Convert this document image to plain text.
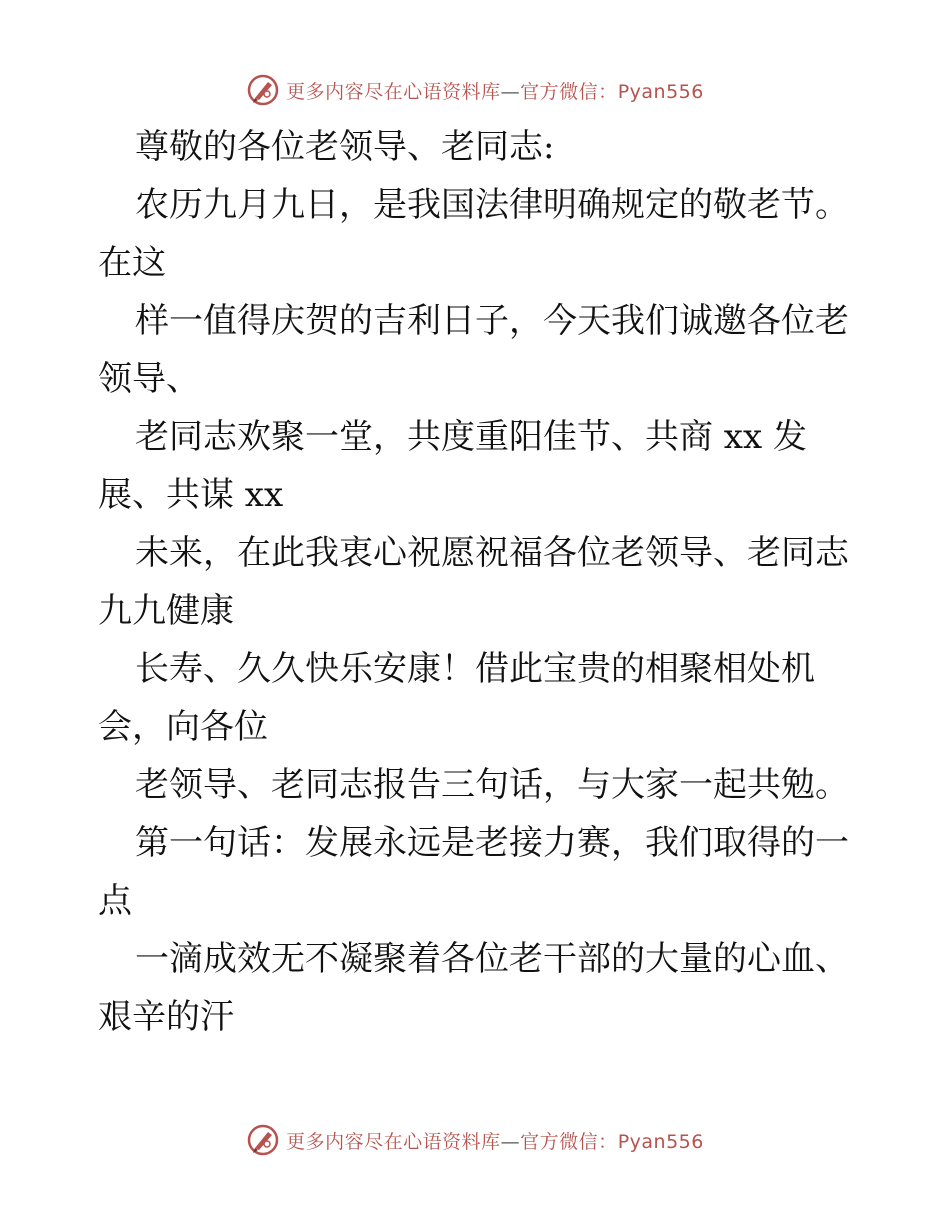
更多内容尽在心语资料库—官方微信：Pyan556
尊敬的各位老领导、老同志:
农历九月九日，是我国法律明确规定的敬老节。
在这
样一值得庆贺的吉利日子，今天我们诚邀各位老
领导、
老同志欢聚一堂，共度重阳佳节、共商 xx 发
展、共谋 xx
未来，在此我衷心祝愿祝福各位老领导、老同志
九九健康
长寿、久久快乐安康！借此宝贵的相聚相处机
会，向各位
老领导、老同志报告三句话，与大家一起共勉。
第一句话：发展永远是老接力赛，我们取得的一
点
一滴成效无不凝聚着各位老干部的大量的心血、
艰辛的汗
更多内容尽在心语资料库—官方微信：Pyan556
